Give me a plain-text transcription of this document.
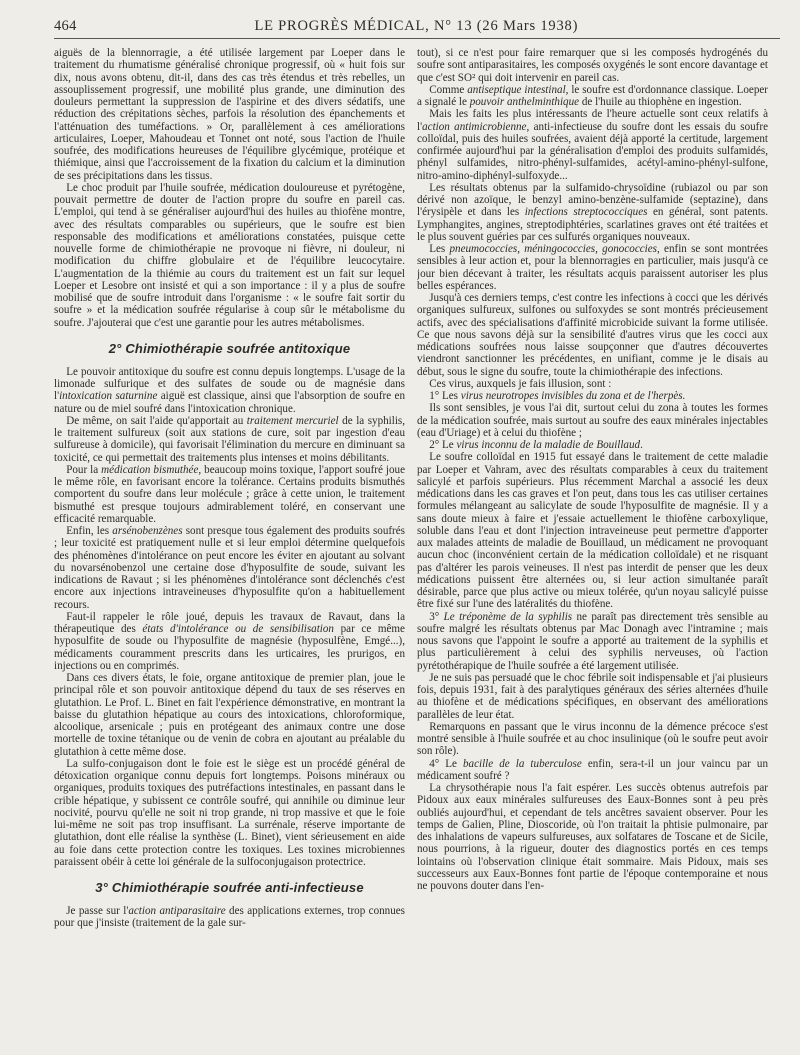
464	LE PROGRÈS MÉDICAL, N° 13 (26 Mars 1938)

aiguës de la blennorragie, a été utilisée largement par Loeper dans le traitement du rhumatisme généralisé chronique progressif, où « huit fois sur dix, nous avons obtenu, dit-il, dans des cas très étendus et très rebelles, un assouplissement progressif, une mobilité plus grande, une diminution des douleurs permettant la suppression de l'aspirine et des divers sédatifs, une réduction des crépitations sèches, parfois la résolution des épanchements et l'atténuation des tuméfactions. » Or, parallèlement à ces améliorations articulaires, Loeper, Mahoudeau et Tonnet ont noté, sous l'action de l'huile soufrée, des modifications heureuses de l'équilibre glycémique, protéique et thiémique, ainsi que l'accroissement de la fixation du calcium et la diminution de ses précipitations dans les tissus.

Le choc produit par l'huile soufrée, médication douloureuse et pyrétogène, pouvait permettre de douter de l'action propre du soufre en pareil cas. L'emploi, qui tend à se généraliser aujourd'hui des huiles au thiofène montre, avec des résultats comparables ou supérieurs, que le soufre est bien responsable des modifications et améliorations constatées, puisque cette nouvelle forme de chimiothérapie ne provoque ni fièvre, ni douleur, ni modification du chiffre globulaire et de l'équilibre leucocytaire. L'augmentation de la thiémie au cours du traitement est un fait sur lequel Loeper et Lesobre ont insisté et qui a son importance : il y a plus de soufre mobilisé que de soufre introduit dans l'organisme : « le soufre fait sortir du soufre » et la médication soufrée régularise à coup sûr le métabolisme du soufre. J'ajouterai que c'est une garantie pour les autres métabolismes.

2° Chimiothérapie soufrée antitoxique

Le pouvoir antitoxique du soufre est connu depuis longtemps. L'usage de la limonade sulfurique et des sulfates de soude ou de magnésie dans l'intoxication saturnine aiguë est classique, ainsi que l'absorption de soufre en nature ou de miel soufré dans l'intoxication chronique.

De même, on sait l'aide qu'apportait au traitement mercuriel de la syphilis, le traitement sulfureux (soit aux stations de cure, soit par ingestion d'eau sulfureuse à domicile), qui favorisait l'élimination du mercure en diminuant sa toxicité, ce qui permettait des traitements plus intenses et moins débilitants.

Pour la médication bismuthée, beaucoup moins toxique, l'apport soufré joue le même rôle, en favorisant encore la tolérance. Certains produits bismuthés comportent du soufre dans leur molécule ; grâce à cette union, le traitement bismuthé est presque toujours admirablement toléré, en conservant une efficacité remarquable.

Enfin, les arsénobenzènes sont presque tous également des produits soufrés ; leur toxicité est pratiquement nulle et si leur emploi détermine quelquefois des phénomènes d'intolérance on peut encore les éviter en ajoutant au solvant du novarsénobenzol une certaine dose d'hyposulfite de soude, suivant les indications de Ravaut ; si les phénomènes d'intolérance sont déclenchés c'est encore aux injections intraveineuses d'hyposulfite qu'on a habituellement recours.

Faut-il rappeler le rôle joué, depuis les travaux de Ravaut, dans la thérapeutique des états d'intolérance ou de sensibilisation par ce même hyposulfite de soude ou l'hyposulfite de magnésie (hyposulfène, Emgé...), médicaments couramment prescrits dans les urticaires, les prurigos, en injections ou en comprimés.

Dans ces divers états, le foie, organe antitoxique de premier plan, joue le principal rôle et son pouvoir antitoxique dépend du taux de ses réserves en glutathion. Le Prof. L. Binet en fait l'expérience démonstrative, en montrant la baisse du glutathion hépatique au cours des intoxications, chloroformique, alcoolique, arsenicale ; puis en protégeant des animaux contre une dose mortelle de toxine tétanique ou de venin de cobra en ajoutant au préalable du glutathion à cette même dose.

La sulfo-conjugaison dont le foie est le siège est un procédé général de détoxication organique connu depuis fort longtemps. Poisons minéraux ou organiques, produits toxiques des putréfactions intestinales, en passant dans le crible hépatique, y subissent ce contrôle soufré, qui annihile ou diminue leur nocivité, pourvu qu'elle ne soit ni trop grande, ni trop massive et que le foie lui-même ne soit pas trop insuffisant. La surrénale, réserve importante de glutathion, dont elle réalise la synthèse (L. Binet), vient sérieusement en aide au foie dans cette protection contre les toxiques. Les toxines microbiennes paraissent obéir à cette loi générale de la sulfoconjugaison protectrice.

3° Chimiothérapie soufrée anti-infectieuse

Je passe sur l'action antiparasitaire des applications externes, trop connues pour que j'insiste (traitement de la gale sur-

tout), si ce n'est pour faire remarquer que si les composés hydrogénés du soufre sont antiparasitaires, les composés oxygénés le sont encore davantage et que c'est SO² qui doit intervenir en pareil cas.

Comme antiseptique intestinal, le soufre est d'ordonnance classique. Loeper a signalé le pouvoir anthelminthique de l'huile au thiophène en ingestion.

Mais les faits les plus intéressants de l'heure actuelle sont ceux relatifs à l'action antimicrobienne, anti-infectieuse du soufre dont les essais du soufre colloïdal, puis des huiles soufrées, avaient déjà apporté la certitude, largement confirmée aujourd'hui par la généralisation d'emploi des produits sulfamidés, phényl sulfamides, nitro-phényl-sulfamides, acétyl-amino-phényl-sulfone, nitro-amino-diphényl-sulfoxyde...

Les résultats obtenus par la sulfamido-chrysoïdine (rubiazol ou par son dérivé non azoïque, le benzyl amino-benzène-sulfamide (septazine), dans l'érysipèle et dans les infections streptococciques en général, sont patents. Lymphangites, angines, streptodiphtéries, scarlatines graves ont été traitées et le plus souvent guéries par ces sulfurés organiques nouveaux.

Les pneumococcies, méningococcies, gonococcies, enfin se sont montrées sensibles à leur action et, pour la blennorragies en particulier, mais jusqu'à ce jour bien décevant à traiter, les résultats acquis paraissent autoriser les plus belles espérances.

Jusqu'à ces derniers temps, c'est contre les infections à cocci que les dérivés organiques sulfureux, sulfones ou sulfoxydes se sont montrés précieusement actifs, avec des spécialisations d'affinité microbicide suivant la forme utilisée. Ce que nous savons déjà sur la sensibilité d'autres virus que les cocci aux médications soufrées nous laisse soupçonner que d'autres découvertes viendront sanctionner les précédentes, en unifiant, comme je le disais au début, sous le signe du soufre, toute la chimiothérapie des infections.

Ces virus, auxquels je fais illusion, sont :

1° Les virus neurotropes invisibles du zona et de l'herpès.

Ils sont sensibles, je vous l'ai dit, surtout celui du zona à toutes les formes de la médication soufrée, mais surtout au soufre des eaux minérales injectables (eau d'Uriage) et à celui du thiofène ;

2° Le virus inconnu de la maladie de Bouillaud.

Le soufre colloïdal en 1915 fut essayé dans le traitement de cette maladie par Loeper et Vahram, avec des résultats comparables à ceux du traitement salicylé et parfois supérieurs. Plus récemment Marchal a associé les deux médications dans les cas graves et l'on peut, dans tous les cas utiliser certaines formules mélangeant au salicylate de soude l'hyposulfite de magnésie. Il y a sans doute mieux à faire et j'essaie actuellement le thiofène carboxylique, soluble dans l'eau et dont l'injection intraveineuse peut permettre d'apporter aux malades atteints de maladie de Bouillaud, un médicament ne provoquant aucun choc (inconvénient certain de la médication colloïdale) et ne risquant pas d'altérer les parois veineuses. Il n'est pas interdit de penser que les deux médications puissent être alternées ou, si leur action simultanée paraît désirable, parce que plus active ou mieux tolérée, qu'un noyau salicylé puisse être fixé sur l'une des latéralités du thiofène.

3° Le tréponème de la syphilis ne paraît pas directement très sensible au soufre malgré les résultats obtenus par Mac Donagh avec l'intramine ; mais nous savons que l'appoint le soufre a apporté au traitement de la syphilis et plus particulièrement à celui des syphilis nerveuses, où l'action pyrétothérapique de l'huile soufrée a été largement utilisée.

Je ne suis pas persuadé que le choc fébrile soit indispensable et j'ai plusieurs fois, depuis 1931, fait à des paralytiques généraux des séries alternées d'huile au thiofène et de médications spécifiques, en observant des améliorations parallèles de leur état.

Remarquons en passant que le virus inconnu de la démence précoce s'est montré sensible à l'huile soufrée et au choc insulinique (où le soufre peut avoir son rôle).

4° Le bacille de la tuberculose enfin, sera-t-il un jour vaincu par un médicament soufré ?

La chrysothérapie nous l'a fait espérer. Les succès obtenus autrefois par Pidoux aux eaux minérales sulfureuses des Eaux-Bonnes sont à peu près oubliés aujourd'hui, et cependant de tels ancêtres savaient observer. Pour les temps de Galien, Pline, Dioscoride, où l'on traitait la phtisie pulmonaire, par des inhalations de vapeurs sulfureuses, aux solfatares de Toscane et de Sicile, nous pourrions, à la rigueur, douter des diagnostics portés en ces temps lointains où l'observation clinique était sommaire. Mais Pidoux, mais ses successeurs aux Eaux-Bonnes font partie de l'époque contemporaine et nous ne pouvons douter dans l'en-
